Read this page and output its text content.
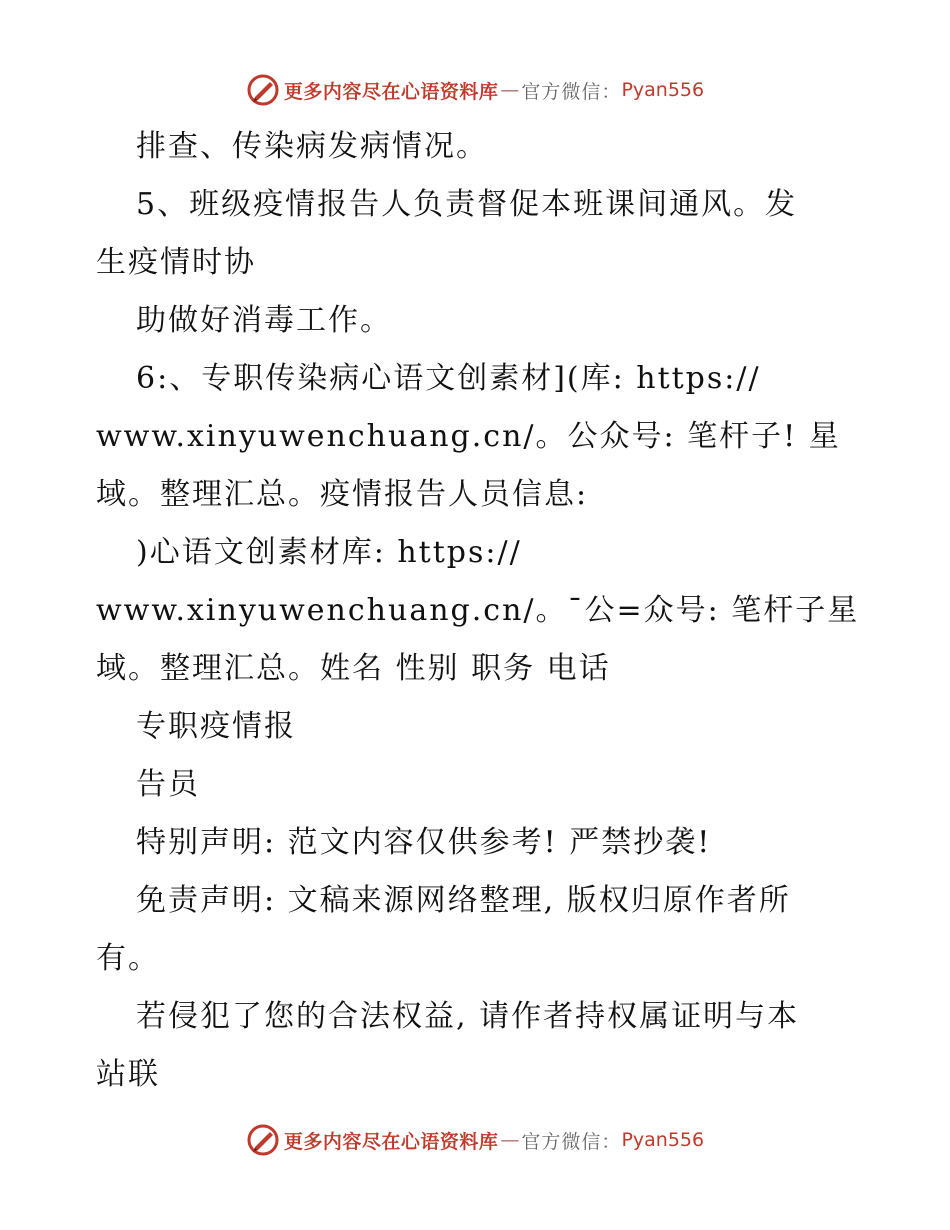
更多内容尽在心语资料库 — 官方微信： Pyan556

排查、传染病发病情况。

5、班级疫情报告人负责督促本班课间通风。发

生疫情时协

助做好消毒工作。

6:、专职传染病心语文创素材](库: https://

www.xinyuwenchuang.cn/。公众号: 笔杆子! 星

域。整理汇总。疫情报告人员信息:

)心语文创素材库: https://

www.xinyuwenchuang.cn/。¯公=众号: 笔杆子星

域。整理汇总。姓名 性别 职务 电话

专职疫情报

告员

特别声明: 范文内容仅供参考! 严禁抄袭!

免责声明: 文稿来源网络整理, 版权归原作者所

有。

若侵犯了您的合法权益, 请作者持权属证明与本

站联

更多内容尽在心语资料库 — 官方微信： Pyan556
